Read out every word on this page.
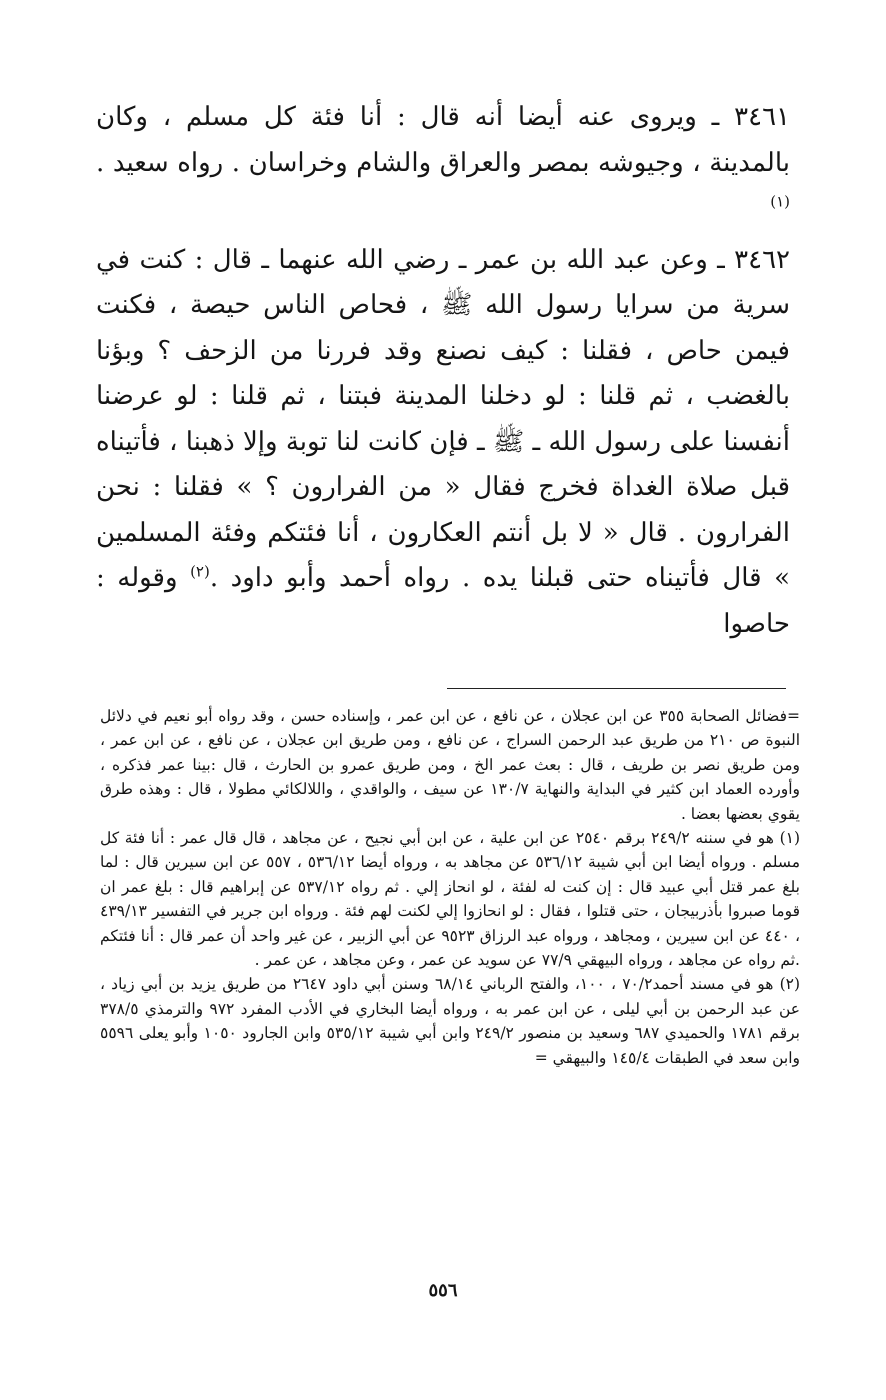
٣٤٦١ ـ ويروى عنه أيضا أنه قال : أنا فئة كل مسلم ، وكان بالمدينة ، وجيوشه بمصر والعراق والشام وخراسان . رواه سعيد .$^{(١)}$

٣٤٦٢ ـ وعن عبد الله بن عمر ـ رضي الله عنهما ـ قال : كنت في سرية من سرايا رسول الله ﷺ ، فحاص الناس حيصة ، فكنت فيمن حاص ، فقلنا : كيف نصنع وقد فررنا من الزحف ؟ وبؤنا بالغضب ، ثم قلنا : لو دخلنا المدينة فبتنا ، ثم قلنا : لو عرضنا أنفسنا على رسول الله ـ ﷺ ـ فإن كانت لنا توبة وإلا ذهبنا ، فأتيناه قبل صلاة الغداة فخرج فقال « من الفرارون ؟ » فقلنا : نحن الفرارون . قال « لا بل أنتم العكارون ، أنا فئتكم وفئة المسلمين » قال فأتيناه حتى قبلنا يده . رواه أحمد وأبو داود .$^{(٢)}$ وقوله : حاصوا

=فضائل الصحابة ٣٥٥ عن ابن عجلان ، عن نافع ، عن ابن عمر ، وإسناده حسن ، وقد رواه أبو نعيم في دلائل النبوة ص ٢١٠ من طريق عبد الرحمن السراج ، عن نافع ، ومن طريق ابن عجلان ، عن نافع ، عن ابن عمر ، ومن طريق نصر بن طريف ، قال : بعث عمر الخ ، ومن طريق عمرو بن الحارث ، قال :بينا عمر فذكره ، وأورده العماد ابن كثير في البداية والنهاية ١٣٠/٧ عن سيف ، والواقدي ، واللالكائي مطولا ، قال : وهذه طرق يقوي بعضها بعضا .

(١) هو في سننه ٢٤٩/٢ برقم ٢٥٤٠ عن ابن علية ، عن ابن أبي نجيح ، عن مجاهد ، قال قال عمر : أنا فئة كل مسلم . ورواه أيضا ابن أبي شيبة ٥٣٦/١٢ عن مجاهد به ، ورواه أيضا ٥٣٦/١٢ ، ٥٥٧ عن ابن سيرين قال : لما بلغ عمر قتل أبي عبيد قال : إن كنت له لفئة ، لو انحاز إلي . ثم رواه ٥٣٧/١٢ عن إبراهيم قال : بلغ عمر ان قوما صبروا بأذربيجان ، حتى قتلوا ، فقال : لو انحازوا إلي لكنت لهم فئة . ورواه ابن جرير في التفسير ٤٣٩/١٣ ، ٤٤٠ عن ابن سيرين ، ومجاهد ، ورواه عبد الرزاق ٩٥٢٣ عن أبي الزبير ، عن غير واحد أن عمر قال : أنا فئتكم .ثم رواه عن مجاهد ، ورواه البيهقي ٧٧/٩ عن سويد عن عمر ، وعن مجاهد ، عن عمر .

(٢) هو في مسند أحمد٧٠/٢ ، ١٠٠، والفتح الرباني ٦٨/١٤ وسنن أبي داود ٢٦٤٧ من طريق يزيد بن أبي زياد ، عن عبد الرحمن بن أبي ليلى ، عن ابن عمر به ، ورواه أيضا البخاري في الأدب المفرد ٩٧٢ والترمذي ٣٧٨/٥ برقم ١٧٨١ والحميدي ٦٨٧ وسعيد بن منصور ٢٤٩/٢ وابن أبي شيبة ٥٣٥/١٢ وابن الجارود ١٠٥٠ وأبو يعلى ٥٥٩٦ وابن سعد في الطبقات ١٤٥/٤ والبيهقي =

٥٥٦
